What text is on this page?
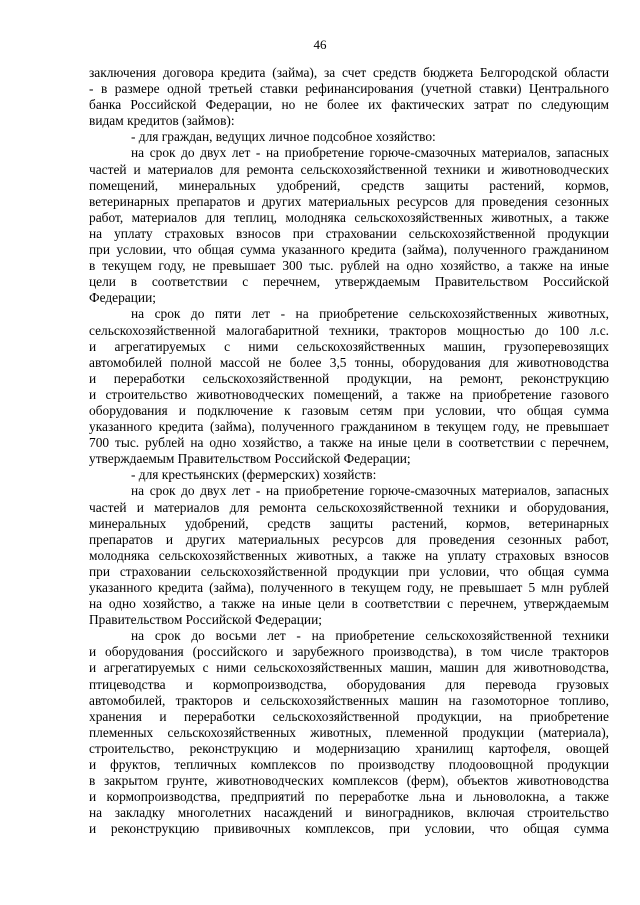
46
заключения договора кредита (займа), за счет средств бюджета Белгородской области
- в размере одной третьей ставки рефинансирования (учетной ставки) Центрального
банка Российской Федерации, но не более их фактических затрат по следующим
видам кредитов (займов):
- для граждан, ведущих личное подсобное хозяйство:
на срок до двух лет - на приобретение горюче-смазочных материалов, запасных
частей и материалов для ремонта сельскохозяйственной техники и животноводческих
помещений, минеральных удобрений, средств защиты растений, кормов,
ветеринарных препаратов и других материальных ресурсов для проведения сезонных
работ, материалов для теплиц, молодняка сельскохозяйственных животных, а также
на уплату страховых взносов при страховании сельскохозяйственной продукции
при условии, что общая сумма указанного кредита (займа), полученного гражданином
в текущем году, не превышает 300 тыс. рублей на одно хозяйство, а также на иные
цели в соответствии с перечнем, утверждаемым Правительством Российской
Федерации;
на срок до пяти лет - на приобретение сельскохозяйственных животных,
сельскохозяйственной малогабаритной техники, тракторов мощностью до 100 л.с.
и агрегатируемых с ними сельскохозяйственных машин, грузоперевозящих
автомобилей полной массой не более 3,5 тонны, оборудования для животноводства
и переработки сельскохозяйственной продукции, на ремонт, реконструкцию
и строительство животноводческих помещений, а также на приобретение газового
оборудования и подключение к газовым сетям при условии, что общая сумма
указанного кредита (займа), полученного гражданином в текущем году, не превышает
700 тыс. рублей на одно хозяйство, а также на иные цели в соответствии с перечнем,
утверждаемым Правительством Российской Федерации;
- для крестьянских (фермерских) хозяйств:
на срок до двух лет - на приобретение горюче-смазочных материалов, запасных
частей и материалов для ремонта сельскохозяйственной техники и оборудования,
минеральных удобрений, средств защиты растений, кормов, ветеринарных
препаратов и других материальных ресурсов для проведения сезонных работ,
молодняка сельскохозяйственных животных, а также на уплату страховых взносов
при страховании сельскохозяйственной продукции при условии, что общая сумма
указанного кредита (займа), полученного в текущем году, не превышает 5 млн рублей
на одно хозяйство, а также на иные цели в соответствии с перечнем, утверждаемым
Правительством Российской Федерации;
на срок до восьми лет - на приобретение сельскохозяйственной техники
и оборудования (российского и зарубежного производства), в том числе тракторов
и агрегатируемых с ними сельскохозяйственных машин, машин для животноводства,
птицеводства и кормопроизводства, оборудования для перевода грузовых
автомобилей, тракторов и сельскохозяйственных машин на газомоторное топливо,
хранения и переработки сельскохозяйственной продукции, на приобретение
племенных сельскохозяйственных животных, племенной продукции (материала),
строительство, реконструкцию и модернизацию хранилищ картофеля, овощей
и фруктов, тепличных комплексов по производству плодоовощной продукции
в закрытом грунте, животноводческих комплексов (ферм), объектов животноводства
и кормопроизводства, предприятий по переработке льна и льноволокна, а также
на закладку многолетних насаждений и виноградников, включая строительство
и реконструкцию прививочных комплексов, при условии, что общая сумма
